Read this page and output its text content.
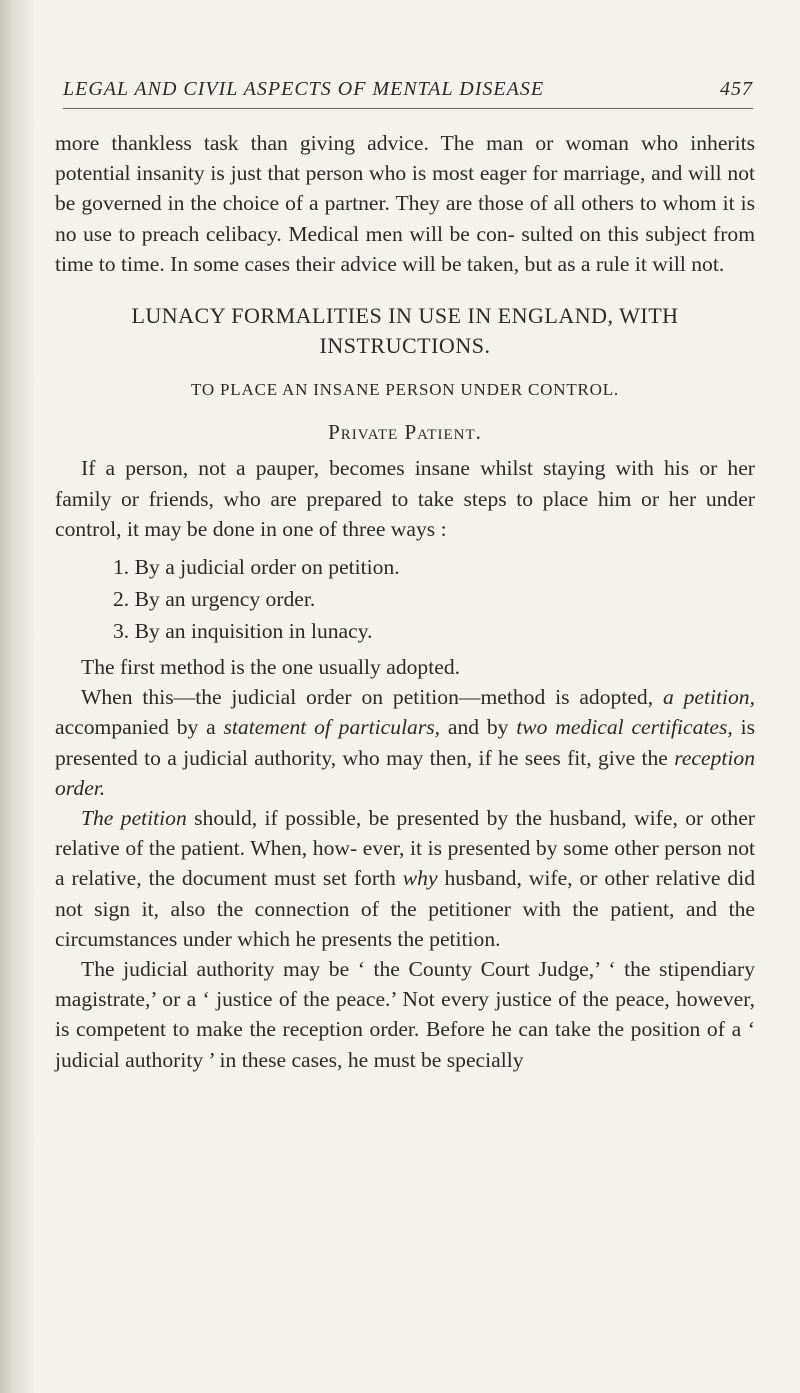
LEGAL AND CIVIL ASPECTS OF MENTAL DISEASE	457

more thankless task than giving advice. The man or woman who inherits potential insanity is just that person who is most eager for marriage, and will not be governed in the choice of a partner. They are those of all others to whom it is no use to preach celibacy. Medical men will be con- sulted on this subject from time to time. In some cases their advice will be taken, but as a rule it will not.

LUNACY FORMALITIES IN USE IN ENGLAND, WITH INSTRUCTIONS.
TO PLACE AN INSANE PERSON UNDER CONTROL.
Private Patient.

If a person, not a pauper, becomes insane whilst staying with his or her family or friends, who are prepared to take steps to place him or her under control, it may be done in one of three ways :

1. By a judicial order on petition.
2. By an urgency order.
3. By an inquisition in lunacy.

The first method is the one usually adopted.

When this—the judicial order on petition—method is adopted, a petition, accompanied by a statement of particulars, and by two medical certificates, is presented to a judicial authority, who may then, if he sees fit, give the reception order.

The petition should, if possible, be presented by the husband, wife, or other relative of the patient. When, how- ever, it is presented by some other person not a relative, the document must set forth why husband, wife, or other relative did not sign it, also the connection of the petitioner with the patient, and the circumstances under which he presents the petition.

The judicial authority may be ‘ the County Court Judge,’ ‘ the stipendiary magistrate,’ or a ‘ justice of the peace.’ Not every justice of the peace, however, is competent to make the reception order. Before he can take the position of a ‘ judicial authority ’ in these cases, he must be specially
